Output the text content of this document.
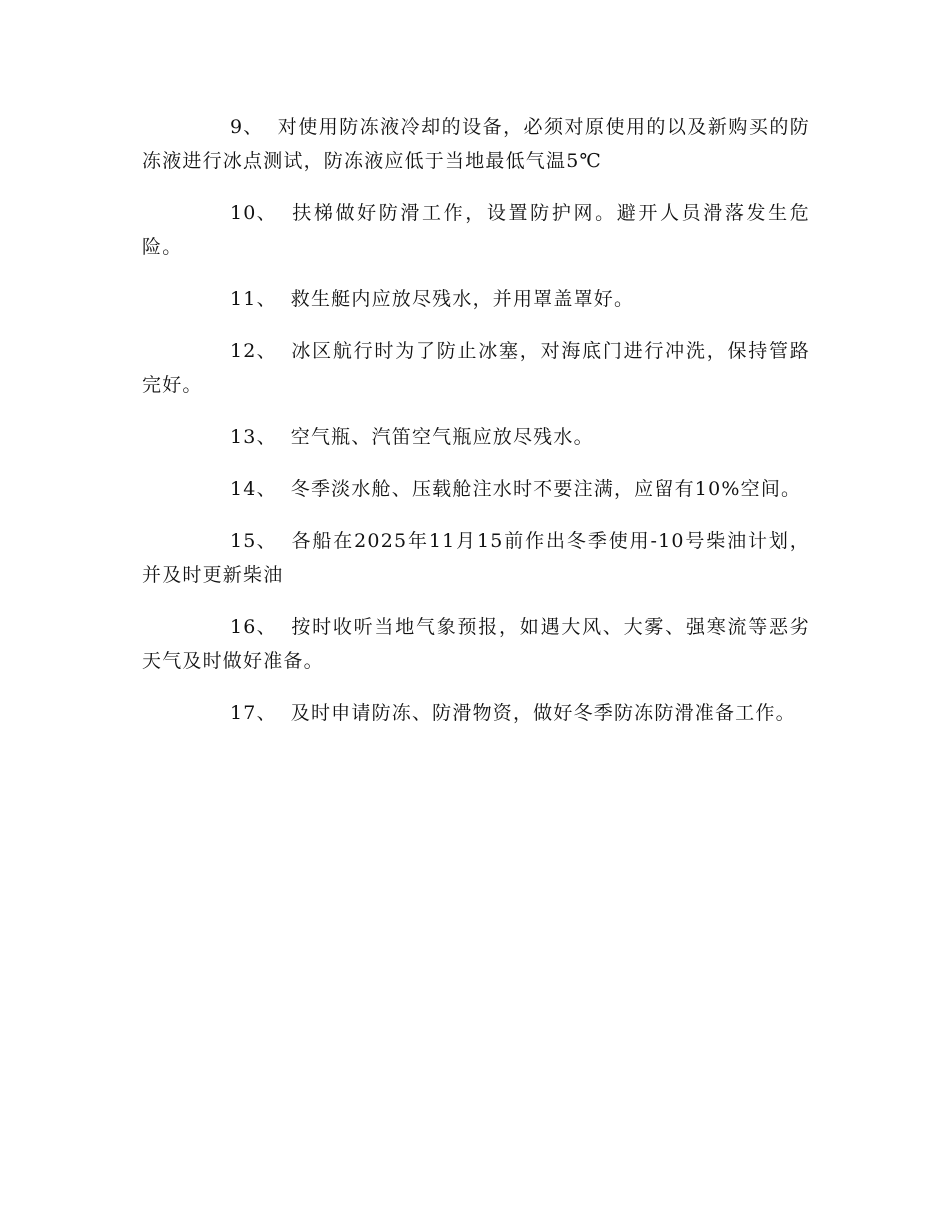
9、 对使用防冻液冷却的设备，必须对原使用的以及新购买的防冻液进行冰点测试，防冻液应低于当地最低气温5℃

10、 扶梯做好防滑工作，设置防护网。避开人员滑落发生危险。

11、 救生艇内应放尽残水，并用罩盖罩好。

12、 冰区航行时为了防止冰塞，对海底门进行冲洗，保持管路完好。

13、 空气瓶、汽笛空气瓶应放尽残水。

14、 冬季淡水舱、压载舱注水时不要注满，应留有10%空间。

15、 各船在2025年11月15前作出冬季使用-10号柴油计划，并及时更新柴油

16、 按时收听当地气象预报，如遇大风、大雾、强寒流等恶劣天气及时做好准备。

17、 及时申请防冻、防滑物资，做好冬季防冻防滑准备工作。
